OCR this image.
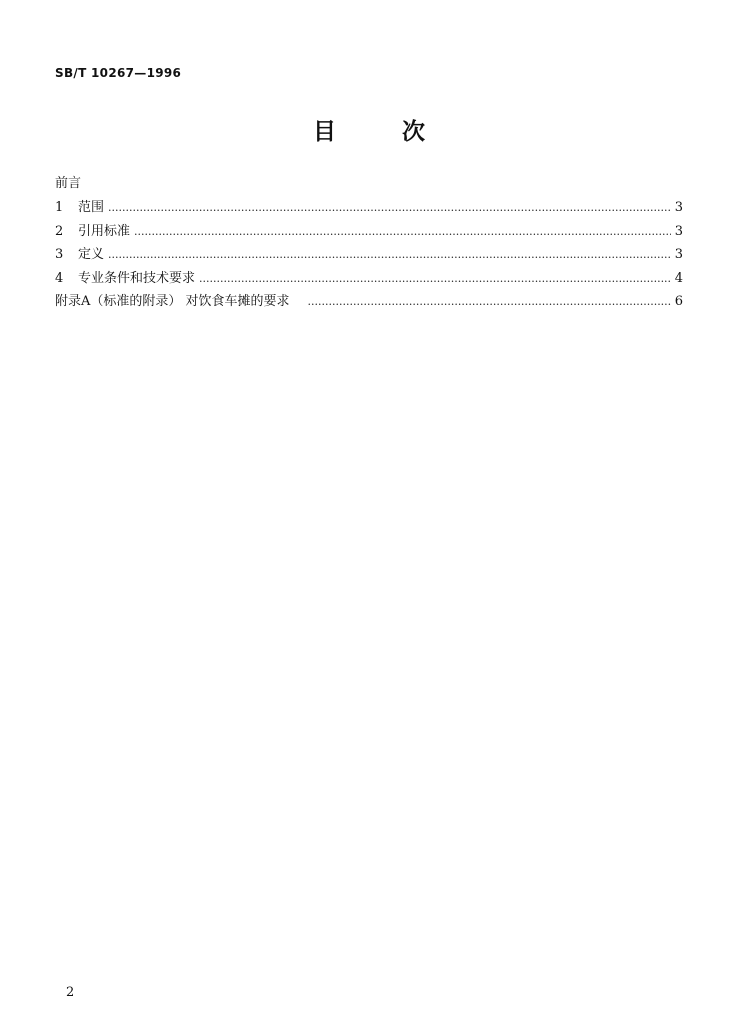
SB/T 10267—1996
目	次
前言
1	范围 .....	3
2	引用标准 .....	3
3	定义 .....	3
4	专业条件和技术要求 .....	4
附录A（标准的附录） 对饮食车摊的要求 .....	6
2
